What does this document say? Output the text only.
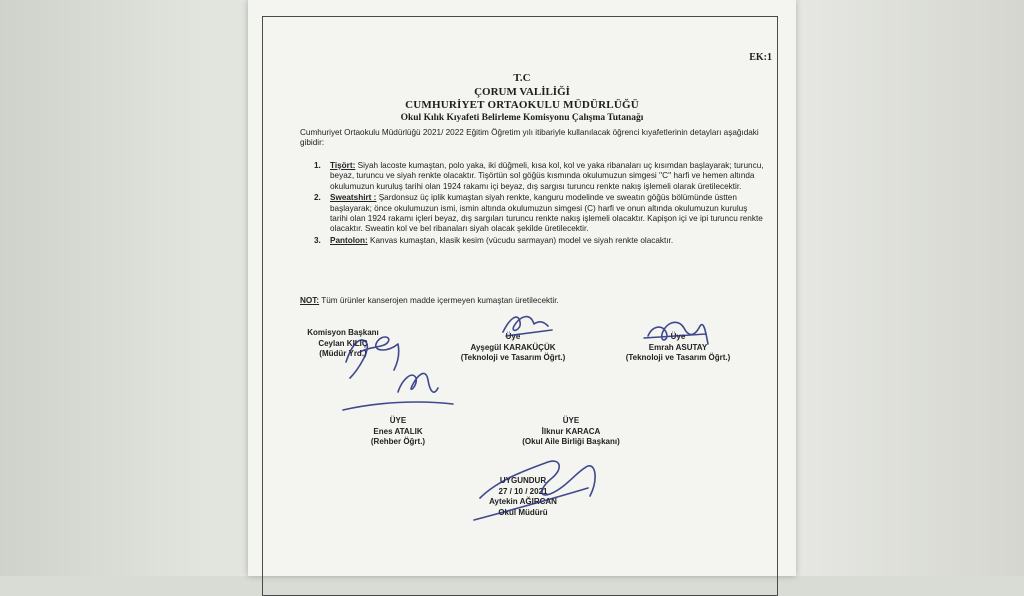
EK:1
T.C
ÇORUM VALİLİĞİ
CUMHURİYET ORTAOKULU MÜDÜRLÜĞÜ
Okul Kılık Kıyafeti Belirleme Komisyonu Çalışma Tutanağı
Cumhuriyet Ortaokulu Müdürlüğü 2021/ 2022 Eğitim Öğretim yılı itibariyle kullanılacak öğrenci kıyafetlerinin detayları aşağıdaki gibidir:
1. Tişört: Siyah lacoste kumaştan, polo yaka, iki düğmeli, kısa kol, kol ve yaka ribanaları uç kısımdan başlayarak; turuncu, beyaz, turuncu ve siyah renkte olacaktır. Tişörtün sol göğüs kısmında okulumuzun simgesi ''C'' harfi ve hemen altında okulumuzun kuruluş tarihi olan 1924 rakamı içi beyaz, dış sargısı turuncu renkte nakış işlemeli olarak üretilecektir.
2. Sweatshirt : Şardonsuz üç iplik kumaştan siyah renkte, kanguru modelinde ve sweatın göğüs bölümünde üstten başlayarak; önce okulumuzun ismi, ismin altında okulumuzun simgesi (C) harfi ve onun altında okulumuzun kuruluş tarihi olan 1924 rakamı içleri beyaz, dış sargıları turuncu renkte nakış işlemeli olacaktır. Kapişon içi ve ipi turuncu renkte olacaktır. Sweatin kol ve bel ribanaları siyah olacak şekilde üretilecektir.
3. Pantolon: Kanvas kumaştan, klasik kesim (vücudu sarmayan) model ve siyah renkte olacaktır.
NOT: Tüm ürünler kanserojen madde içermeyen kumaştan üretilecektir.
Komisyon Başkanı
Ceylan KILIÇ
(Müdür Yrd.)
Üye
Ayşegül KARAKÜÇÜK
(Teknoloji ve Tasarım Öğrt.)
Üye
Emrah ASUTAY
(Teknoloji ve Tasarım Öğrt.)
ÜYE
Enes ATALIK
(Rehber Öğrt.)
ÜYE
İlknur KARACA
(Okul Aile Birliği Başkanı)
UYGUNDUR
27 / 10 / 2021
Aytekin AĞIRCAN
Okul Müdürü
